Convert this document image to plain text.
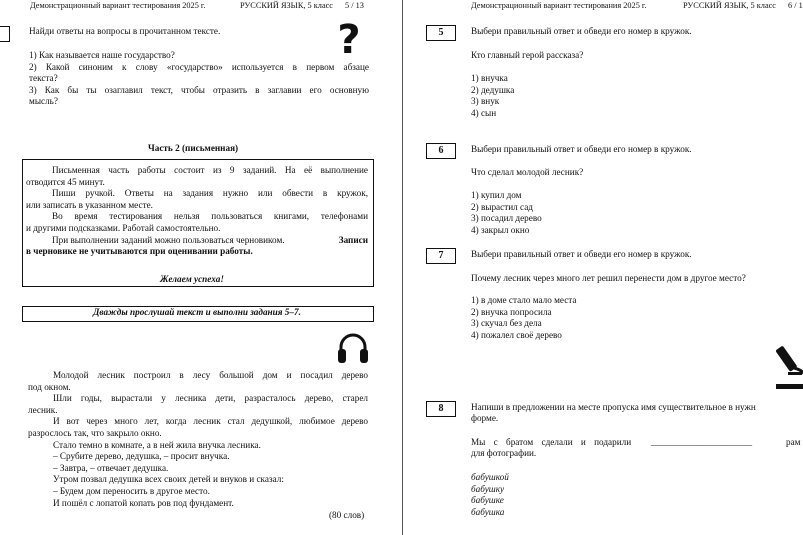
Демонстрационный вариант тестирования 2025 г.	РУССКИЙ ЯЗЫК, 5 класс 5 / 13
Найди ответы на вопросы в прочитанном тексте.
1) Как называется наше государство?
2) Какой синоним к слову «государство» используется в первом абзаце
текста?
3) Как бы ты озаглавил текст, чтобы отразить в заглавии его основную
мысль?
?
Часть 2 (письменная)
Письменная часть работы состоит из 9 заданий. На её выполнение
отводится 45 минут.
Пиши ручкой. Ответы на задания нужно или обвести в кружок,
или записать в указанном месте.
Во время тестирования нельзя пользоваться книгами, телефонами
и другими подсказками. Работай самостоятельно.
При выполнении заданий можно пользоваться черновиком.	Записи
в черновике не учитываются при оценивании работы.
Желаем успеха!
Дважды прослушай текст и выполни задания 5–7.
Молодой лесник построил в лесу большой дом и посадил дерево
под окном.
Шли годы, вырастали у лесника дети, разрасталось дерево, старел
лесник.
И вот через много лет, когда лесник стал дедушкой, любимое дерево
разрослось так, что закрыло окно.
Стало темно в комнате, а в ней жила внучка лесника.
– Срубите дерево, дедушка, – просит внучка.
– Завтра, – отвечает дедушка.
Утром позвал дедушка всех своих детей и внуков и сказал:
– Будем дом переносить в другое место.
И пошёл с лопатой копать ров под фундамент.
(80 слов)
Демонстрационный вариант тестирования 2025 г.	РУССКИЙ ЯЗЫК, 5 класс 6 / 1
5	Выбери правильный ответ и обведи его номер в кружок.
Кто главный герой рассказа?
1) внучка
2) дедушка
3) внук
4) сын
6	Выбери правильный ответ и обведи его номер в кружок.
Что сделал молодой лесник?
1) купил дом
2) вырастил сад
3) посадил дерево
4) закрыл окно
7	Выбери правильный ответ и обведи его номер в кружок.
Почему лесник через много лет решил перенести дом в другое место?
1) в доме стало мало места
2) внучка попросила
3) скучал без дела
4) пожалел своё дерево
8	Напиши в предложении на месте пропуска имя существительное в нужн
форме.
Мы с братом сделали и подарили ______________________	рам
для фотографии.
бабушкой
бабушку
бабушке
бабушка
